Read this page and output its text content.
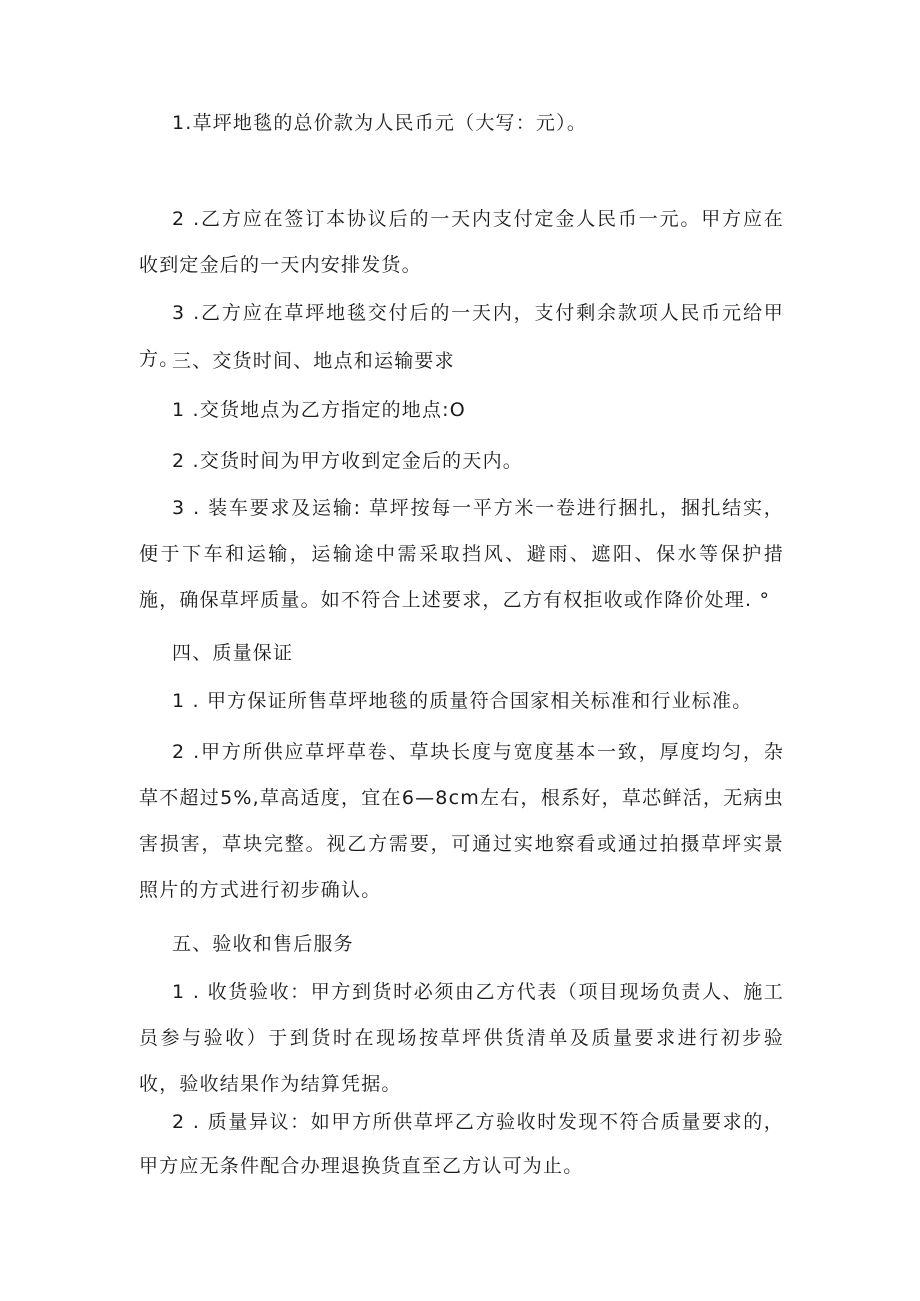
1.草坪地毯的总价款为人民币元（大写：元）。

2 .乙方应在签订本协议后的一天内支付定金人民币一元。甲方应在收到定金后的一天内安排发货。

3 .乙方应在草坪地毯交付后的一天内，支付剩余款项人民币元给甲方。

三、交货时间、地点和运输要求

1 .交货地点为乙方指定的地点:O

2 .交货时间为甲方收到定金后的天内。

3 . 装车要求及运输: 草坪按每一平方米一卷进行捆扎，捆扎结实，便于下车和运输，运输途中需采取挡风、避雨、遮阳、保水等保护措施，确保草坪质量。如不符合上述要求，乙方有权拒收或作降价处理. °

四、质量保证

1 . 甲方保证所售草坪地毯的质量符合国家相关标准和行业标准。

2 .甲方所供应草坪草卷、草块长度与宽度基本一致，厚度均匀，杂草不超过5%,草高适度，宜在6—8cm左右，根系好，草芯鲜活，无病虫害损害，草块完整。视乙方需要，可通过实地察看或通过拍摄草坪实景照片的方式进行初步确认。

五、验收和售后服务

1 . 收货验收：甲方到货时必须由乙方代表（项目现场负责人、施工员参与验收）于到货时在现场按草坪供货清单及质量要求进行初步验收，验收结果作为结算凭据。

2 . 质量异议：如甲方所供草坪乙方验收时发现不符合质量要求的，甲方应无条件配合办理退换货直至乙方认可为止。
